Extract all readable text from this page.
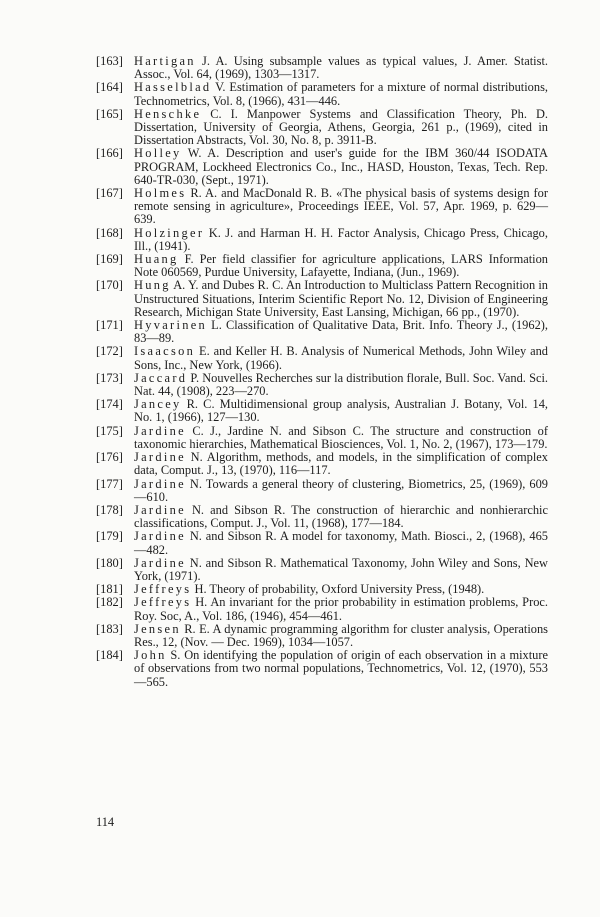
[163] Hartigan J. A. Using subsample values as typical values, J. Amer. Statist. Assoc., Vol. 64, (1969), 1303—1317.
[164] Hasselblad V. Estimation of parameters for a mixture of normal distributions, Technometrics, Vol. 8, (1966), 431—446.
[165] Henschke C. I. Manpower Systems and Classification Theory, Ph. D. Dissertation, University of Georgia, Athens, Georgia, 261 p., (1969), cited in Dissertation Abstracts, Vol. 30, No. 8, p. 3911-B.
[166] Holley W. A. Description and user's guide for the IBM 360/44 ISODATA PROGRAM, Lockheed Electronics Co., Inc., HASD, Houston, Texas, Tech. Rep. 640-TR-030, (Sept., 1971).
[167] Holmes R. A. and MacDonald R. B. «The physical basis of systems design for remote sensing in agriculture», Proceedings IEEE, Vol. 57, Apr. 1969, p. 629—639.
[168] Holzinger K. J. and Harman H. H. Factor Analysis, Chicago Press, Chicago, Ill., (1941).
[169] Huang F. Per field classifier for agriculture applications, LARS Information Note 060569, Purdue University, Lafayette, Indiana, (Jun., 1969).
[170] Hung A. Y. and Dubes R. C. An Introduction to Multiclass Pattern Recognition in Unstructured Situations, Interim Scientific Report No. 12, Division of Engineering Research, Michigan State University, East Lansing, Michigan, 66 pp., (1970).
[171] Hyvarinen L. Classification of Qualitative Data, Brit. Info. Theory J., (1962), 83—89.
[172] Isaacson E. and Keller H. B. Analysis of Numerical Methods, John Wiley and Sons, Inc., New York, (1966).
[173] Jaccard P. Nouvelles Recherches sur la distribution florale, Bull. Soc. Vand. Sci. Nat. 44, (1908), 223—270.
[174] Jancey R. C. Multidimensional group analysis, Australian J. Botany, Vol. 14, No. 1, (1966), 127—130.
[175] Jardine C. J., Jardine N. and Sibson C. The structure and construction of taxonomic hierarchies, Mathematical Biosciences, Vol. 1, No. 2, (1967), 173—179.
[176] Jardine N. Algorithm, methods, and models, in the simplification of complex data, Comput. J., 13, (1970), 116—117.
[177] Jardine N. Towards a general theory of clustering, Biometrics, 25, (1969), 609—610.
[178] Jardine N. and Sibson R. The construction of hierarchic and nonhierarchic classifications, Comput. J., Vol. 11, (1968), 177—184.
[179] Jardine N. and Sibson R. A model for taxonomy, Math. Biosci., 2, (1968), 465—482.
[180] Jardine N. and Sibson R. Mathematical Taxonomy, John Wiley and Sons, New York, (1971).
[181] Jeffreys H. Theory of probability, Oxford University Press, (1948).
[182] Jeffreys H. An invariant for the prior probability in estimation problems, Proc. Roy. Soc, A., Vol. 186, (1946), 454—461.
[183] Jensen R. E. A dynamic programming algorithm for cluster analysis, Operations Res., 12, (Nov. — Dec. 1969), 1034—1057.
[184] John S. On identifying the population of origin of each observation in a mixture of observations from two normal populations, Technometrics, Vol. 12, (1970), 553—565.
114
